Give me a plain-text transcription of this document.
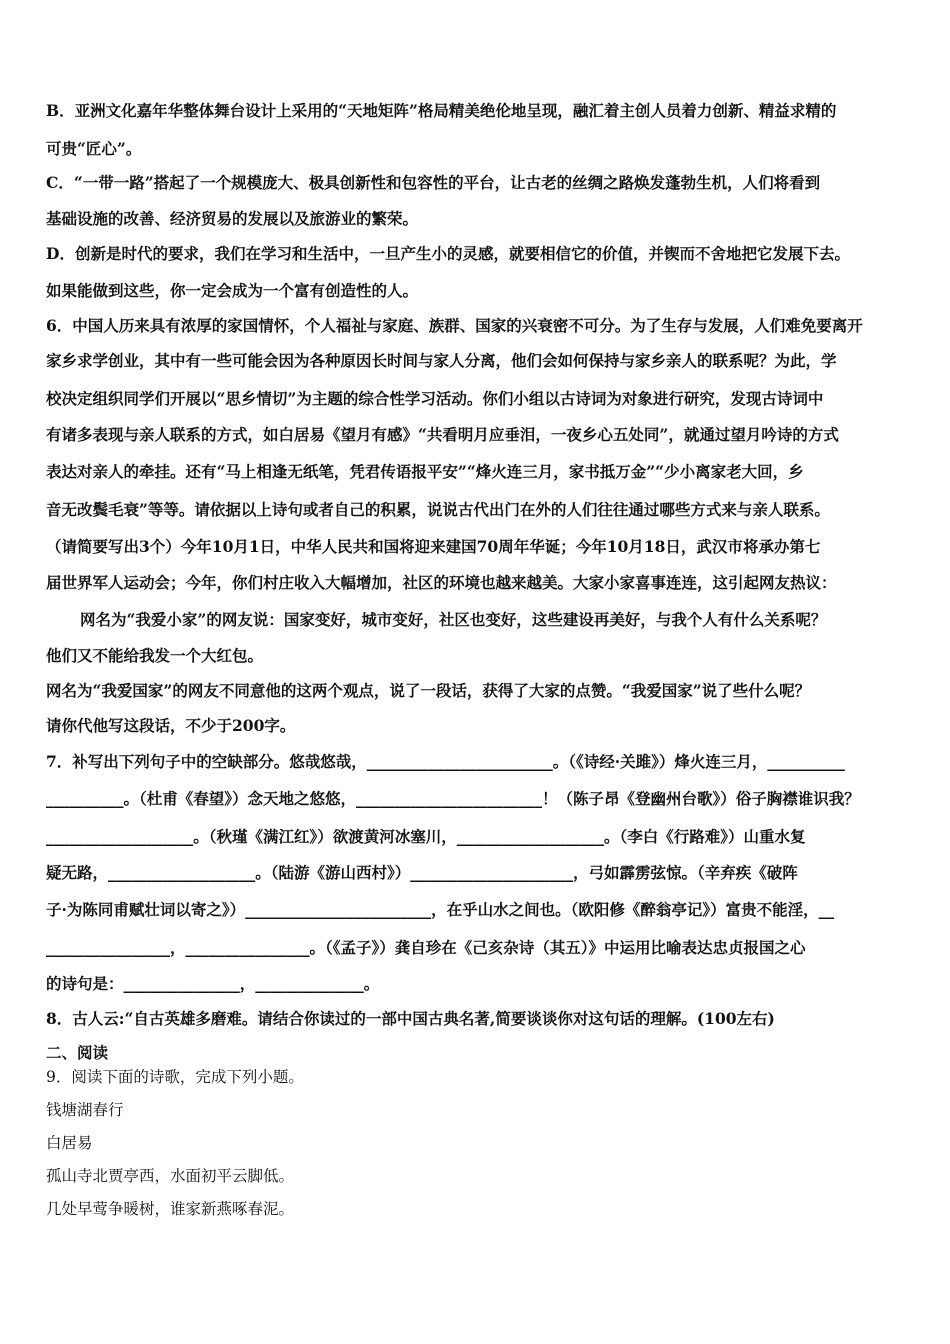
B．亚洲文化嘉年华整体舞台设计上采用的“天地矩阵”格局精美绝伦地呈现，融汇着主创人员着力创新、精益求精的
可贵“匠心”。
C．“一带一路”搭起了一个规模庞大、极具创新性和包容性的平台，让古老的丝绸之路焕发蓬勃生机，人们将看到
基础设施的改善、经济贸易的发展以及旅游业的繁荣。
D．创新是时代的要求，我们在学习和生活中，一旦产生小的灵感，就要相信它的价值，并锲而不舍地把它发展下去。
如果能做到这些，你一定会成为一个富有创造性的人。
6．中国人历来具有浓厚的家国情怀，个人福祉与家庭、族群、国家的兴衰密不可分。为了生存与发展，人们难免要离开
家乡求学创业，其中有一些可能会因为各种原因长时间与家人分离，他们会如何保持与家乡亲人的联系呢？为此，学
校决定组织同学们开展以“思乡情切”为主题的综合性学习活动。你们小组以古诗词为对象进行研究，发现古诗词中
有诸多表现与亲人联系的方式，如白居易《望月有感》“共看明月应垂泪，一夜乡心五处同”，就通过望月吟诗的方式
表达对亲人的牵挂。还有“马上相逢无纸笔，凭君传语报平安”“烽火连三月，家书抵万金”“少小离家老大回，乡
音无改鬓毛衰”等等。请依据以上诗句或者自己的积累，说说古代出门在外的人们往往通过哪些方式来与亲人联系。
（请简要写出3个）今年10月1日，中华人民共和国将迎来建国70周年华诞；今年10月18日，武汉市将承办第七
届世界军人运动会；今年，你们村庄收入大幅增加，社区的环境也越来越美。大家小家喜事连连，这引起网友热议：
网名为“我爱小家”的网友说：国家变好，城市变好，社区也变好，这些建设再美好，与我个人有什么关系呢？
他们又不能给我发一个大红包。
网名为“我爱国家”的网友不同意他的这两个观点，说了一段话，获得了大家的点赞。“我爱国家”说了些什么呢？
请你代他写这段话，不少于200字。
7．补写出下列句子中的空缺部分。悠哉悠哉，________________________。（《诗经·关雎》）烽火连三月，__________
__________。（杜甫《春望》）念天地之悠悠，________________________！（陈子昂《登幽州台歌》）俗子胸襟谁识我？
___________________。（秋瑾《满江红》）欲渡黄河冰塞川，___________________。（李白《行路难》）山重水复
疑无路，___________________。（陆游《游山西村》）_____________________，弓如霹雳弦惊。（辛弃疾《破阵
子·为陈同甫赋壮词以寄之》）________________________，在乎山水之间也。（欧阳修《醉翁亭记》）富贵不能淫，__
________________，________________。（《孟子》）龚自珍在《己亥杂诗（其五）》中运用比喻表达忠贞报国之心
的诗句是：_______________，______________。
8．古人云:“自古英雄多磨难。请结合你读过的一部中国古典名著,简要谈谈你对这句话的理解。(100左右)
二、阅读
9．阅读下面的诗歌，完成下列小题。
钱塘湖春行
白居易
孤山寺北贾亭西，水面初平云脚低。
几处早莺争暖树，谁家新燕啄春泥。
